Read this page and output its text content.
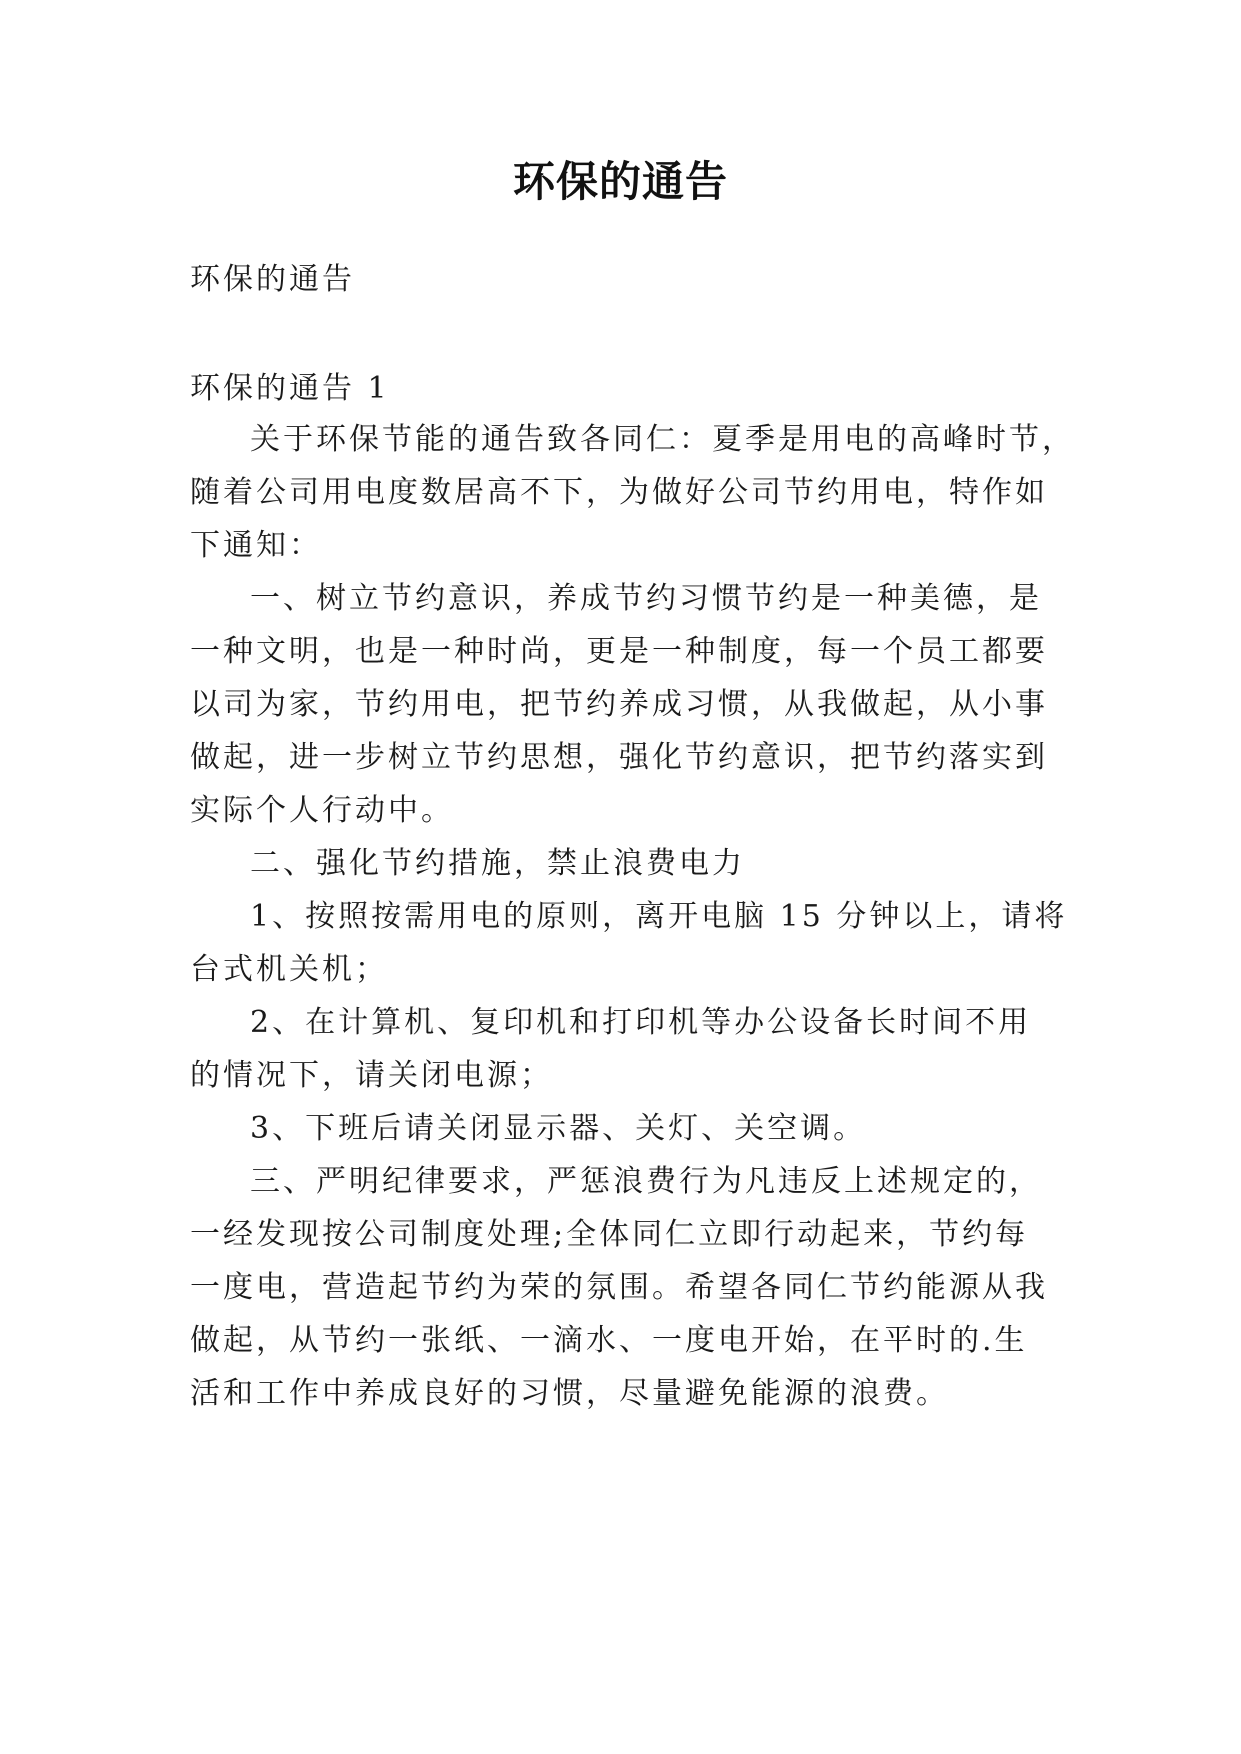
环保的通告

环保的通告

环保的通告 1

关于环保节能的通告致各同仁：夏季是用电的高峰时节，

随着公司用电度数居高不下，为做好公司节约用电，特作如

下通知：

一、树立节约意识，养成节约习惯节约是一种美德，是

一种文明，也是一种时尚，更是一种制度，每一个员工都要

以司为家，节约用电，把节约养成习惯，从我做起，从小事

做起，进一步树立节约思想，强化节约意识，把节约落实到

实际个人行动中。

二、强化节约措施，禁止浪费电力

1、按照按需用电的原则，离开电脑 15 分钟以上，请将

台式机关机；

2、在计算机、复印机和打印机等办公设备长时间不用

的情况下，请关闭电源；

3、下班后请关闭显示器、关灯、关空调。

三、严明纪律要求，严惩浪费行为凡违反上述规定的，

一经发现按公司制度处理;全体同仁立即行动起来，节约每

一度电，营造起节约为荣的氛围。希望各同仁节约能源从我

做起，从节约一张纸、一滴水、一度电开始，在平时的.生

活和工作中养成良好的习惯，尽量避免能源的浪费。
